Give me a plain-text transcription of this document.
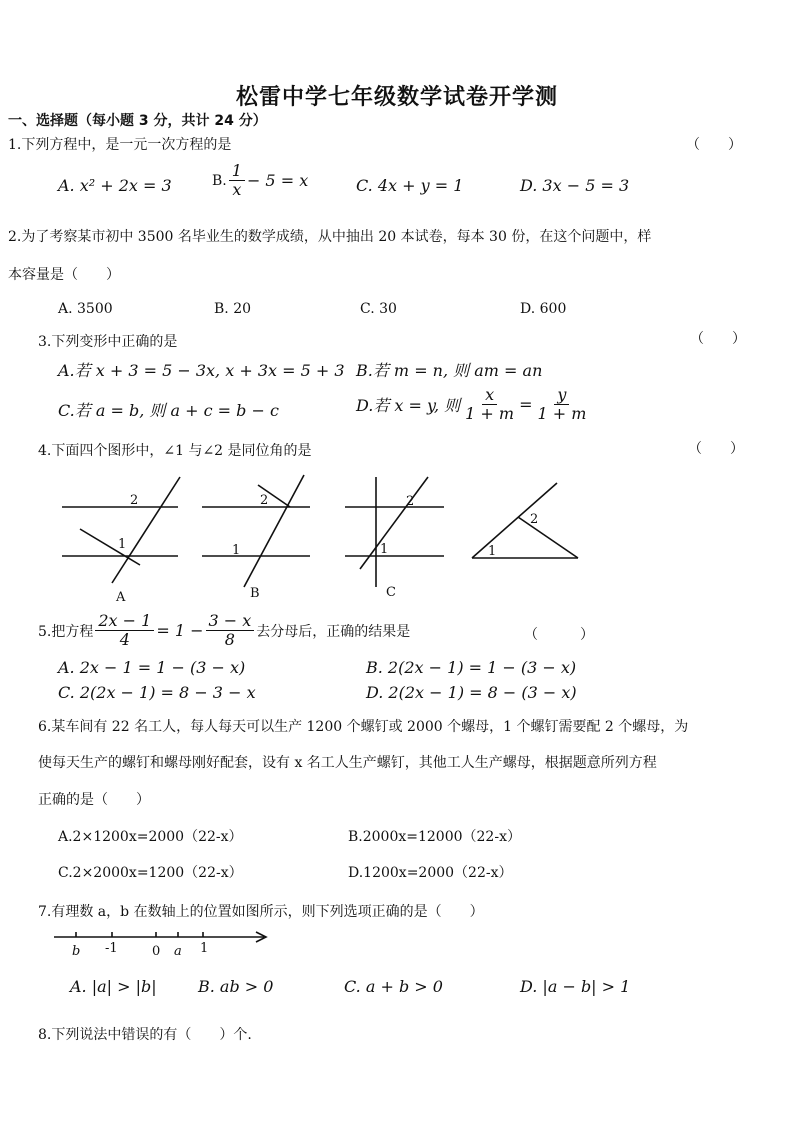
松雷中学七年级数学试卷开学测
一、选择题（每小题 3 分，共计 24 分）
1.下列方程中，是一元一次方程的是	（　　）
A. x² + 2x = 3	B. $\frac{1}{x} - 5 = x$	C. 4x + y = 1	D. 3x − 5 = 3
2.为了考察某市初中 3500 名毕业生的数学成绩，从中抽出 20 本试卷，每本 30 份，在这个问题中，样
本容量是（　　）
A. 3500	B. 20	C. 30	D. 600
3.下列变形中正确的是	（　　）
A.若 x + 3 = 5 − 3x, x + 3x = 5 + 3 B.若 m = n, 则 am = an
C.若 a = b, 则 a + c = b − c	D.若 x = y, 则 $\frac{x}{1 + m} = \frac{y}{1 + m}$
4.下面四个图形中，∠1 与∠2 是同位角的是	（　　）
2
1
A
2
1
B
2
1
C
2
1
5.把方程 $\frac{2x - 1}{4} = 1 - \frac{3 - x}{8}$ 去分母后，正确的结果是	（　　　）
A. 2x − 1 = 1 − (3 − x)	B. 2(2x − 1) = 1 − (3 − x)
C. 2(2x − 1) = 8 − 3 − x	D. 2(2x − 1) = 8 − (3 − x)
6.某车间有 22 名工人，每人每天可以生产 1200 个螺钉或 2000 个螺母，1 个螺钉需要配 2 个螺母，为
使每天生产的螺钉和螺母刚好配套，设有 x 名工人生产螺钉，其他工人生产螺母，根据题意所列方程
正确的是（　　）
A.2×1200x=2000（22-x）	B.2000x=12000（22-x）
C.2×2000x=1200（22-x）	D.1200x=2000（22-x）
7.有理数 a，b 在数轴上的位置如图所示，则下列选项正确的是（　　）
b -1	0 a 1
A. |a| > |b|	B. ab > 0	C. a + b > 0	D. |a − b| > 1
8.下列说法中错误的有（　　）个.
